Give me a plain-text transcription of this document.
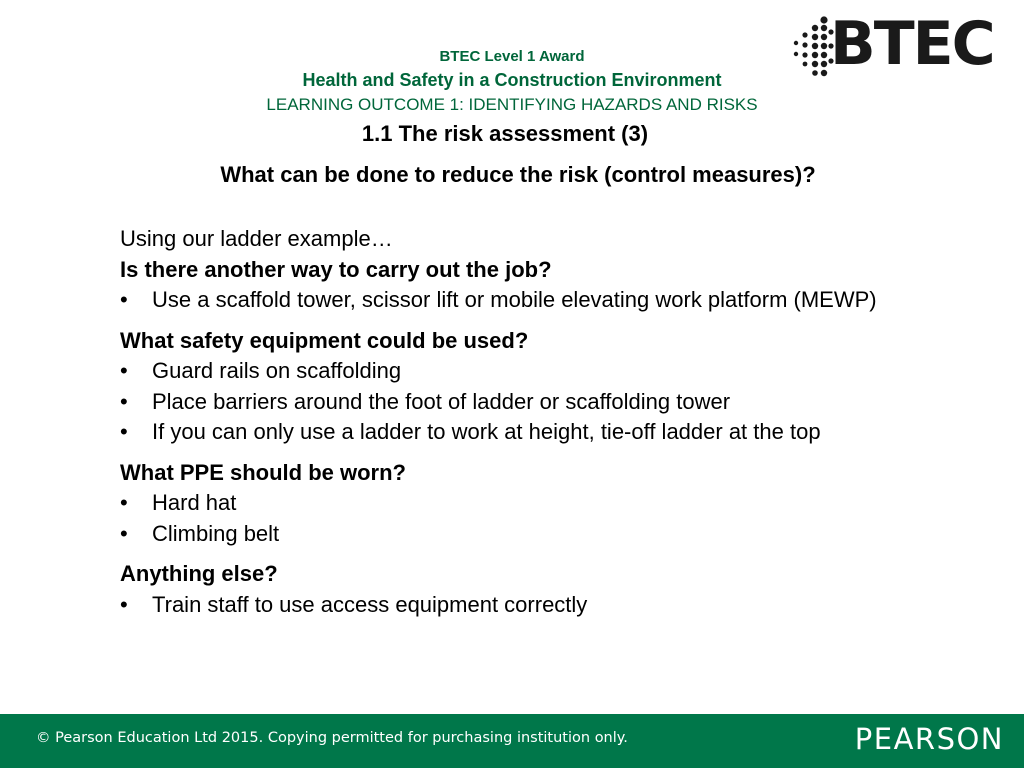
BTEC Level 1 Award
Health and Safety in a Construction Environment
LEARNING OUTCOME 1: IDENTIFYING HAZARDS AND RISKS
BTEC
1.1 The risk assessment (3)
What can be done to reduce the risk (control measures)?

Using our ladder example…

Is there another way to carry out the job?

• Use a scaffold tower, scissor lift or mobile elevating work platform (MEWP)

What safety equipment could be used?

• Guard rails on scaffolding
• Place barriers around the foot of ladder or scaffolding tower
• If you can only use a ladder to work at height, tie-off ladder at the top

What PPE should be worn?

• Hard hat
• Climbing belt

Anything else?

• Train staff to use access equipment correctly
© Pearson Education Ltd 2015. Copying permitted for purchasing institution only.	PEARSON
